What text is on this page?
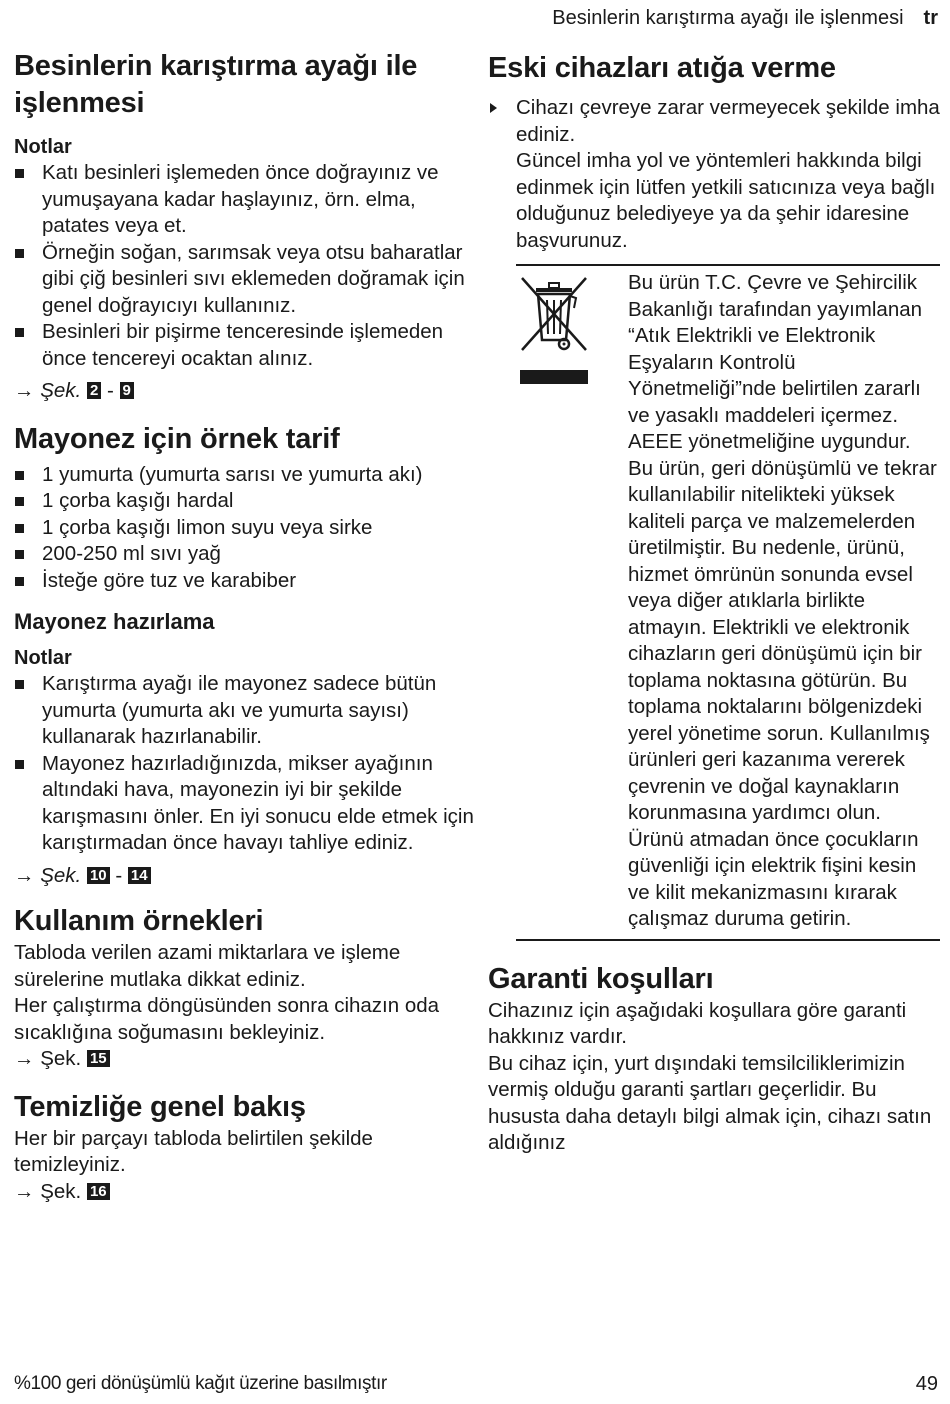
Besinlerin karıştırma ayağı ile işlenmesi tr
Besinlerin karıştırma ayağı ile işlenmesi
Notlar
Katı besinleri işlemeden önce doğrayınız ve yumuşayana kadar haşlayınız, örn. elma, patates veya et.
Örneğin soğan, sarımsak veya otsu baharatlar gibi çiğ besinleri sıvı eklemeden doğramak için genel doğrayıcıyı kullanınız.
Besinleri bir pişirme tenceresinde işlemeden önce tencereyi ocaktan alınız.
→ Şek. 2 - 9
Mayonez için örnek tarif
1 yumurta (yumurta sarısı ve yumurta akı)
1 çorba kaşığı hardal
1 çorba kaşığı limon suyu veya sirke
200-250 ml sıvı yağ
İsteğe göre tuz ve karabiber
Mayonez hazırlama
Notlar
Karıştırma ayağı ile mayonez sadece bütün yumurta (yumurta akı ve yumurta sayısı) kullanarak hazırlanabilir.
Mayonez hazırladığınızda, mikser ayağının altındaki hava, mayonezin iyi bir şekilde karışmasını önler. En iyi sonucu elde etmek için karıştırmadan önce havayı tahliye ediniz.
→ Şek. 10 - 14
Kullanım örnekleri

Tabloda verilen azami miktarlara ve işleme sürelerine mutlaka dikkat ediniz.

Her çalıştırma döngüsünden sonra cihazın oda sıcaklığına soğumasını bekleyiniz.

→ Şek. 15
Temizliğe genel bakış

Her bir parçayı tabloda belirtilen şekilde temizleyiniz.

→ Şek. 16
Eski cihazları atığa verme
Cihazı çevreye zarar vermeyecek şekilde imha ediniz.

Güncel imha yol ve yöntemleri hakkında bilgi edinmek için lütfen yetkili satıcınıza veya bağlı olduğunuz belediyeye ya da şehir idaresine başvurunuz.

Bu ürün T.C. Çevre ve Şehircilik Bakanlığı tarafından yayımlanan “Atık Elektrikli ve Elektronik Eşyaların Kontrolü Yönetmeliği”nde belirtilen zararlı ve yasaklı maddeleri içermez.

AEEE yönetmeliğine uygundur.

Bu ürün, geri dönüşümlü ve tekrar kullanılabilir nitelikteki yüksek kaliteli parça ve malzemelerden üretilmiştir. Bu nedenle, ürünü, hizmet ömrünün sonunda evsel veya diğer atıklarla birlikte atmayın. Elektrikli ve elektronik cihazların geri dönüşümü için bir toplama noktasına götürün. Bu toplama noktalarını bölgenizdeki yerel yönetime sorun. Kullanılmış ürünleri geri kazanıma vererek çevrenin ve doğal kaynakların korunmasına yardımcı olun. Ürünü atmadan önce çocukların güvenliği için elektrik fişini kesin ve kilit mekanizmasını kırarak çalışmaz duruma getirin.

Garanti koşulları

Cihazınız için aşağıdaki koşullara göre garanti hakkınız vardır.

Bu cihaz için, yurt dışındaki temsilciliklerimizin vermiş olduğu garanti şartları geçerlidir. Bu hususta daha detaylı bilgi almak için, cihazı satın aldığınız

%100 geri dönüşümlü kağıt üzerine basılmıştır	49
